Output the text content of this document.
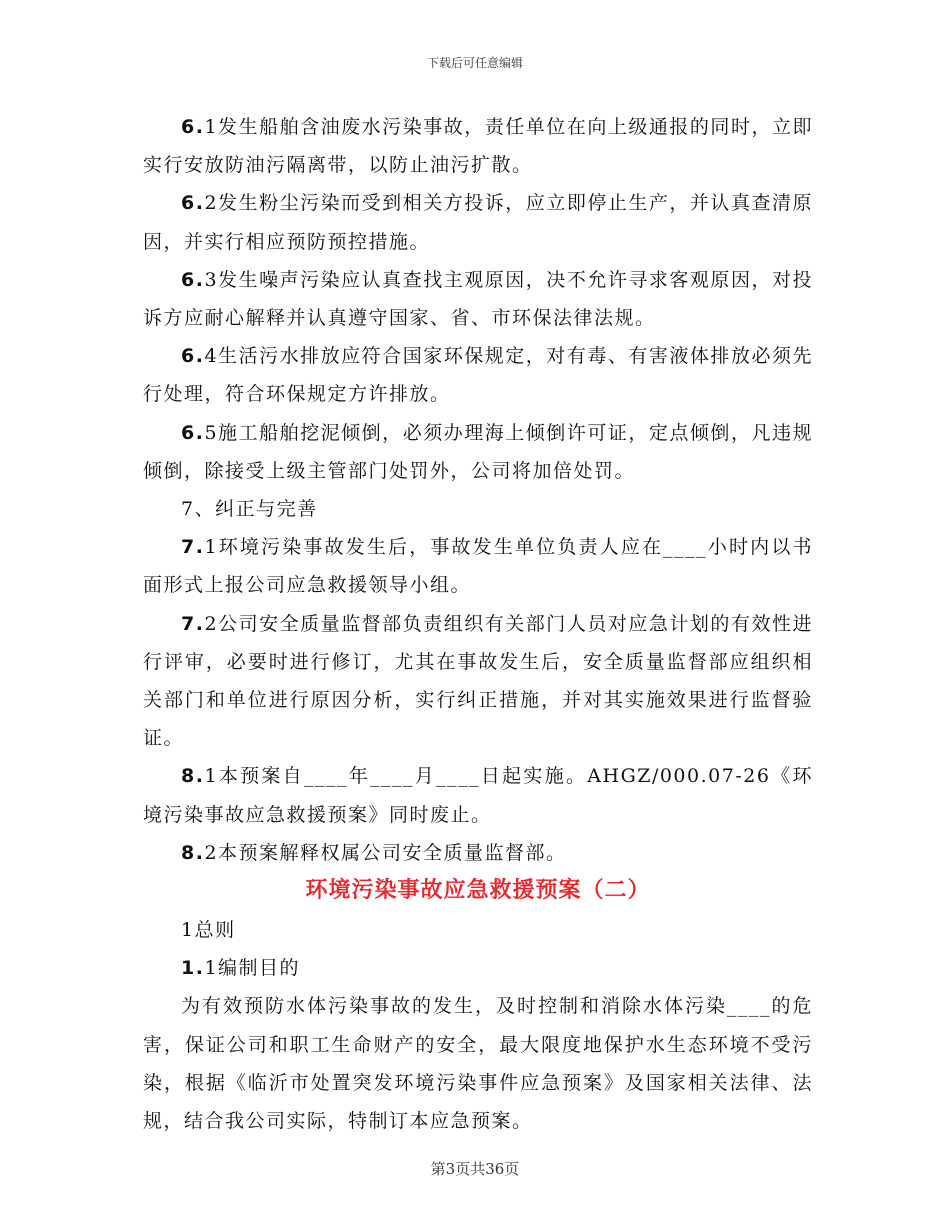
下载后可任意编辑

6.1发生船舶含油废水污染事故，责任单位在向上级通报的同时，立即实行安放防油污隔离带，以防止油污扩散。

6.2发生粉尘污染而受到相关方投诉，应立即停止生产，并认真查清原因，并实行相应预防预控措施。

6.3发生噪声污染应认真查找主观原因，决不允许寻求客观原因，对投诉方应耐心解释并认真遵守国家、省、市环保法律法规。

6.4生活污水排放应符合国家环保规定，对有毒、有害液体排放必须先行处理，符合环保规定方许排放。

6.5施工船舶挖泥倾倒，必须办理海上倾倒许可证，定点倾倒，凡违规倾倒，除接受上级主管部门处罚外，公司将加倍处罚。

7、纠正与完善

7.1环境污染事故发生后，事故发生单位负责人应在____小时内以书面形式上报公司应急救援领导小组。

7.2公司安全质量监督部负责组织有关部门人员对应急计划的有效性进行评审，必要时进行修订，尤其在事故发生后，安全质量监督部应组织相关部门和单位进行原因分析，实行纠正措施，并对其实施效果进行监督验证。

8.1本预案自____年____月____日起实施。AHGZ/000.07-26《环境污染事故应急救援预案》同时废止。

8.2本预案解释权属公司安全质量监督部。

环境污染事故应急救援预案（二）

1总则

1.1编制目的

为有效预防水体污染事故的发生，及时控制和消除水体污染____的危害，保证公司和职工生命财产的安全，最大限度地保护水生态环境不受污染，根据《临沂市处置突发环境污染事件应急预案》及国家相关法律、法规，结合我公司实际，特制订本应急预案。

第3页共36页
